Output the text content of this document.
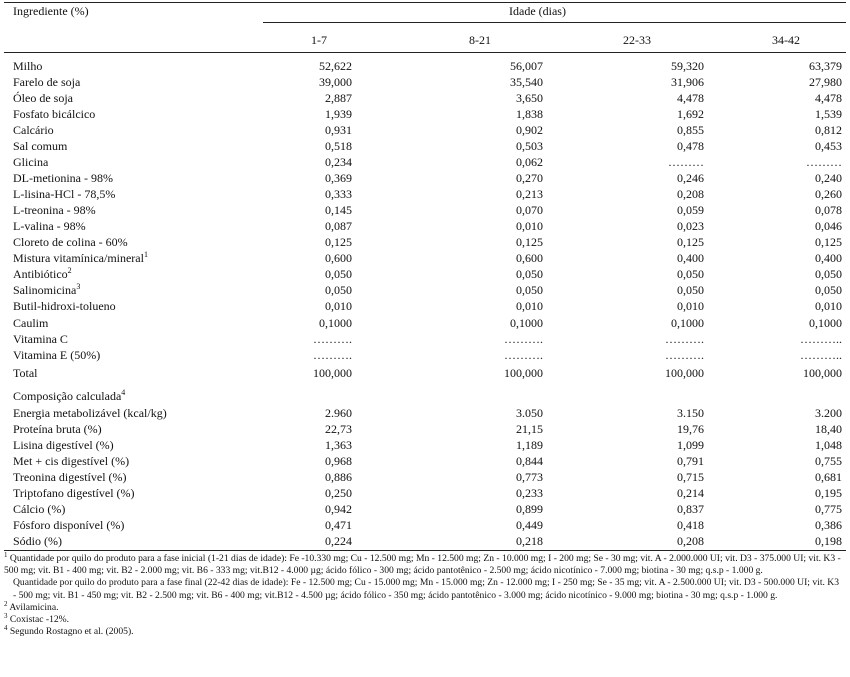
Ingrediente (%)	Idade (dias)
1-7	8-21	22-33	34-42
Milho	52,622	56,007	59,320	63,379
Farelo de soja	39,000	35,540	31,906	27,980
Óleo de soja	2,887	3,650	4,478	4,478
Fosfato bicálcico	1,939	1,838	1,692	1,539
Calcário	0,931	0,902	0,855	0,812
Sal comum	0,518	0,503	0,478	0,453
Glicina	0,234	0,062	………	………
DL-metionina - 98%	0,369	0,270	0,246	0,240
L-lisina-HCl - 78,5%	0,333	0,213	0,208	0,260
L-treonina - 98%	0,145	0,070	0,059	0,078
L-valina - 98%	0,087	0,010	0,023	0,046
Cloreto de colina - 60%	0,125	0,125	0,125	0,125
Mistura vitamínica/mineral$^1$	0,600	0,600	0,400	0,400
Antibiótico$^2$	0,050	0,050	0,050	0,050
Salinomicina$^3$	0,050	0,050	0,050	0,050
Butil-hidroxi-tolueno	0,010	0,010	0,010	0,010
Caulim	0,1000	0,1000	0,1000	0,1000
Vitamina C	……….	……….	……….	………..
Vitamina E (50%)	……….	……….	……….	………..
Total	100,000	100,000	100,000	100,000
Composição calculada$^4$
Energia metabolizável (kcal/kg)	2.960	3.050	3.150	3.200
Proteína bruta (%)	22,73	21,15	19,76	18,40
Lisina digestível (%)	1,363	1,189	1,099	1,048
Met + cis digestível (%)	0,968	0,844	0,791	0,755
Treonina digestível (%)	0,886	0,773	0,715	0,681
Triptofano digestível (%)	0,250	0,233	0,214	0,195
Cálcio (%)	0,942	0,899	0,837	0,775
Fósforo disponível (%)	0,471	0,449	0,418	0,386
Sódio (%)	0,224	0,218	0,208	0,198

$^1$ Quantidade por quilo do produto para a fase inicial (1-21 dias de idade): Fe -10.330 mg; Cu - 12.500 mg; Mn - 12.500 mg; Zn - 10.000 mg; I - 200 mg; Se - 30 mg; vit. A - 2.000.000 UI; vit. D3 - 375.000 UI; vit. K3 - 500 mg; vit. B1 - 400 mg; vit. B2 - 2.000 mg; vit. B6 - 333 mg; vit.B12 - 4.000 µg; ácido fólico - 300 mg; ácido pantotênico - 2.500 mg; ácido nicotínico - 7.000 mg; biotina - 30 mg; q.s.p - 1.000 g.

Quantidade por quilo do produto para a fase final (22-42 dias de idade): Fe - 12.500 mg; Cu - 15.000 mg; Mn - 15.000 mg; Zn - 12.000 mg; I - 250 mg; Se - 35 mg; vit. A - 2.500.000 UI; vit. D3 - 500.000 UI; vit. K3 - 500 mg; vit. B1 - 450 mg; vit. B2 - 2.500 mg; vit. B6 - 400 mg; vit.B12 - 4.500 µg; ácido fólico - 350 mg; ácido pantotênico - 3.000 mg; ácido nicotínico - 9.000 mg; biotina - 30 mg; q.s.p - 1.000 g.

$^2$ Avilamicina.

$^3$ Coxistac -12%.

$^4$ Segundo Rostagno et al. (2005).
